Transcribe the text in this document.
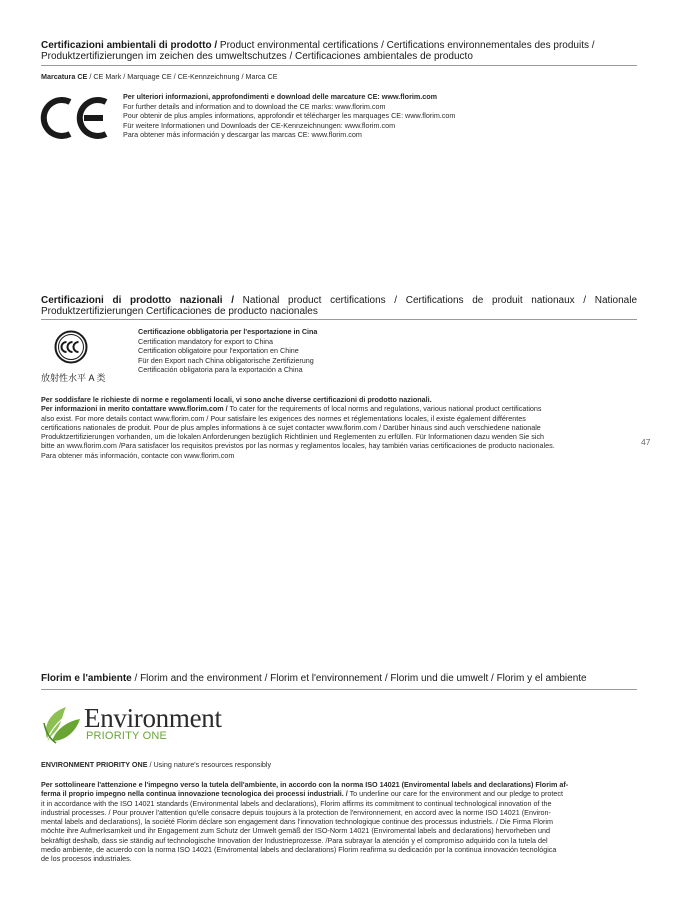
Certificazioni ambientali di prodotto / Product environmental certifications / Certifications environnementales des produits / Produktzertifizierungen im zeichen des umweltschutzes / Certificaciones ambientales de producto
Marcatura CE / CE Mark / Marquage CE / CE-Kennzeichnung / Marca CE
Per ulteriori informazioni, approfondimenti e download delle marcature CE: www.florim.com
For further details and information and to download the CE marks: www.florim.com
Pour obtenir de plus amples informations, approfondir et télécharger les marquages CE: www.florim.com
Für weitere Informationen und Downloads der CE-Kennzeichnungen: www.florim.com
Para obtener más información y descargar las marcas CE: www.florim.com
Certificazioni di prodotto nazionali / National product certifications / Certifications de produit nationaux / Nationale Produktzertifizierungen Certificaciones de producto nacionales
放射性水平 A 类
Certificazione obbligatoria per l'esportazione in Cina
Certification mandatory for export to China
Certification obligatoire pour l'exportation en Chine
Für den Export nach China obligatorische Zertifizierung
Certificación obligatoria para la exportación a China
Per soddisfare le richieste di norme e regolamenti locali, vi sono anche diverse certificazioni di prodotto nazionali.
Per informazioni in merito contattare www.florim.com / To cater for the requirements of local norms and regulations, various national product certifications
also exist. For more details contact www.florim.com / Pour satisfaire les exigences des normes et réglementations locales, il existe également différentes
certifications nationales de produit. Pour de plus amples informations à ce sujet contacter www.florim.com / Darüber hinaus sind auch verschiedene nationale
Produktzertifizierungen vorhanden, um die lokalen Anforderungen bezüglich Richtlinien und Reglementen zu erfüllen. Für Informationen dazu wenden Sie sich
bitte an www.florim.com /Para satisfacer los requisitos previstos por las normas y reglamentos locales, hay también varias certificaciones de producto nacionales.
Para obtener más información, contacte con www.florim.com
47
Florim e l'ambiente / Florim and the environment / Florim et l'environnement / Florim und die umwelt / Florim y el ambiente
Environment
PRIORITY ONE
ENVIRONMENT PRIORITY ONE / Using nature's resources responsibly
Per sottolineare l'attenzione e l'impegno verso la tutela dell'ambiente, in accordo con la norma ISO 14021 (Enviromental labels and declarations) Florim af-
ferma il proprio impegno nella continua innovazione tecnologica dei processi industriali. / To underline our care for the environment and our pledge to protect
it in accordance with the ISO 14021 standards (Environmental labels and declarations), Florim affirms its commitment to continual technological innovation of the
industrial processes. / Pour prouver l'attention qu'elle consacre depuis toujours à la protection de l'environnement, en accord avec la norme ISO 14021 (Environ-
mental labels and declarations), la société Florim déclare son engagement dans l'innovation technologique continue des processus industriels. / Die Firma Florim
möchte ihre Aufmerksamkeit und ihr Engagement zum Schutz der Umwelt gemäß der ISO-Norm 14021 (Enviromental labels and declarations) hervorheben und
bekräftigt deshalb, dass sie ständig auf technologische Innovation der Industrieprozesse. /Para subrayar la atención y el compromiso adquirido con la tutela del
medio ambiente, de acuerdo con la norma ISO 14021 (Enviromental labels and declarations) Florim reafirma su dedicación por la continua innovación tecnológica
de los procesos industriales.
